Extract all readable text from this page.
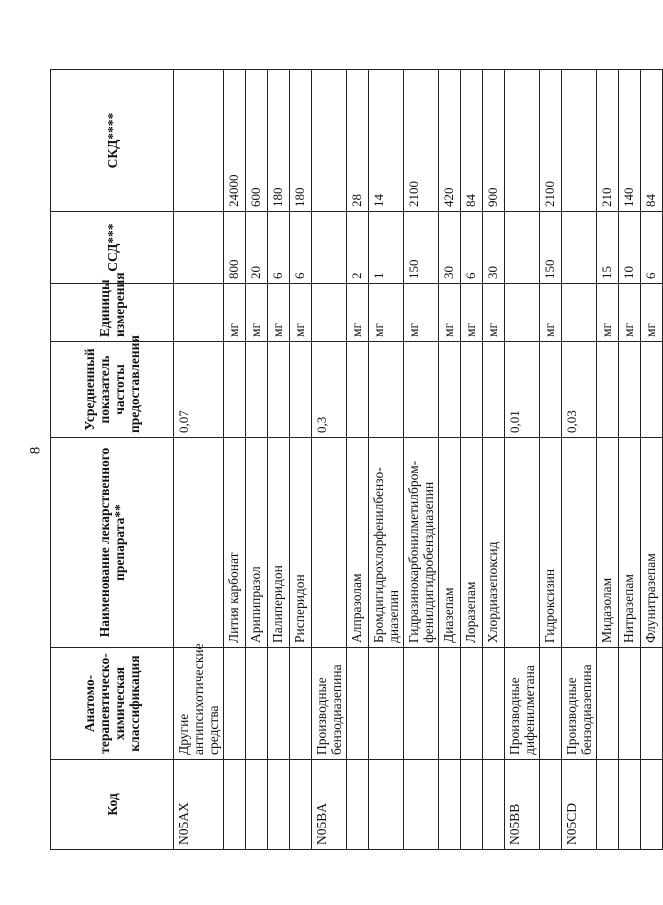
8
Код	Анатомо-терапевтическо-химическая классификация	Наименование лекарственного препарата**	Усредненный показатель частоты предоставления	Единицы измерения	ССД***	СКД****
N05AX	Другие антипсихотические средства		0,07			
		Лития карбонат		мг	800	24000
		Арипипразол		мг	20	600
		Палиперидон		мг	6	180
		Рисперидон		мг	6	180
N05BA	Производные бензодиазепина		0,3			
		Алпразолам		мг	2	28
		Бромдигидрохлорфенилбензо-диазепин		мг	1	14
		Гидразинокарбонилметилбром-фенилдигидробенздиазепин		мг	150	2100
		Диазепам		мг	30	420
		Лоразепам		мг	6	84
		Хлордиазепоксид		мг	30	900
N05BB	Производные дифенилметана		0,01			
		Гидроксизин		мг	150	2100
N05CD	Производные бензодиазепина		0,03			
		Мидазолам		мг	15	210
		Нитразепам		мг	10	140
		Флунитразепам		мг	6	84
